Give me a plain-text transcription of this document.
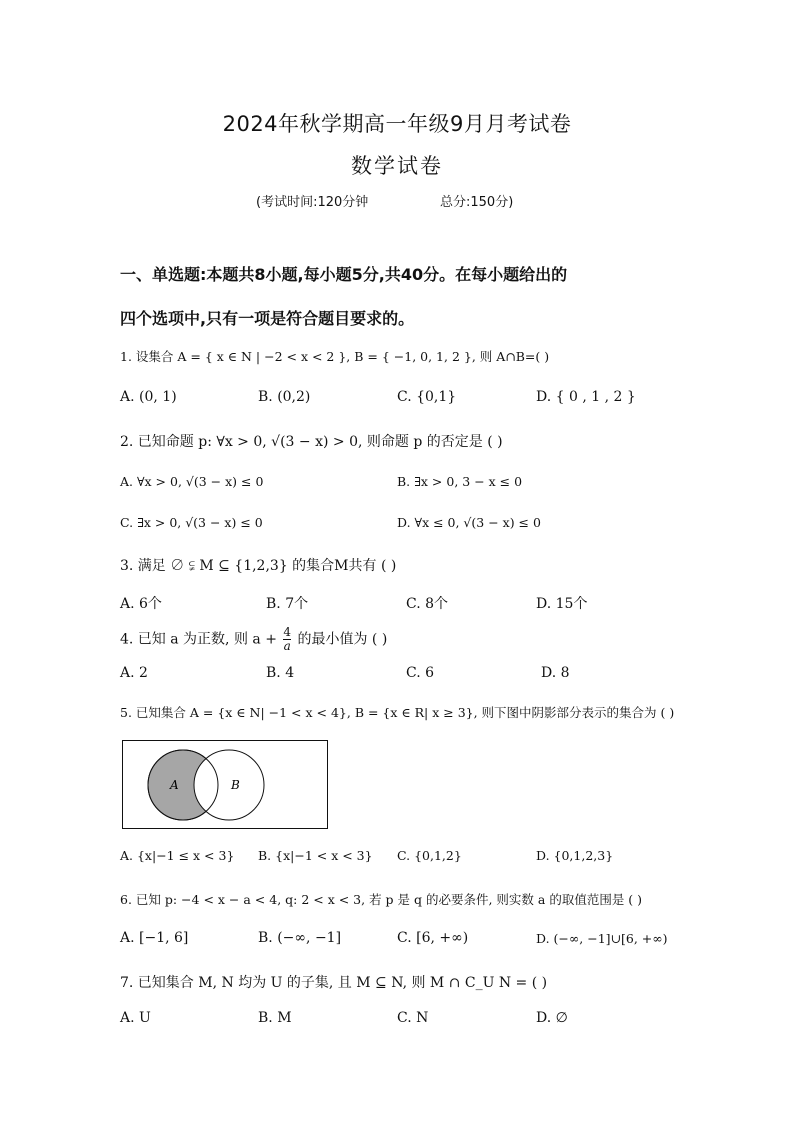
2024年秋学期高一年级9月月考试卷
数学试卷
(考试时间:120分钟	总分:150分)
一、单选题:本题共8小题,每小题5分,共40分。在每小题给出的
四个选项中,只有一项是符合题目要求的。
1. 设集合 A = { x ∈ N | −2 < x < 2 }, B = { −1, 0, 1, 2 }, 则 A∩B=( )
A. (0, 1)	B. (0,2)	C. {0,1}	D. { 0 , 1 , 2 }
2. 已知命题 p: ∀x > 0, √(3 − x) > 0, 则命题 p 的否定是 ( )
A. ∀x > 0, √(3 − x) ≤ 0	B. ∃x > 0, 3 − x ≤ 0
C. ∃x > 0, √(3 − x) ≤ 0	D. ∀x ≤ 0, √(3 − x) ≤ 0
3. 满足 ∅ ⫋ M ⊆ {1,2,3} 的集合M共有 ( )
A. 6个	B. 7个	C. 8个	D. 15个
4. 已知 a 为正数, 则 $a + \frac{4}{a}$ 的最小值为 ( )
A. 2	B. 4	C. 6	D. 8
5. 已知集合 A = {x ∈ N| −1 < x < 4}, B = {x ∈ R| x ≥ 3}, 则下图中阴影部分表示的集合为 ( )
A	B
A. {x|−1 ≤ x < 3} B. {x|−1 < x < 3} C. {0,1,2}	D. {0,1,2,3}
6. 已知 p: −4 < x − a < 4, q: 2 < x < 3, 若 p 是 q 的必要条件, 则实数 a 的取值范围是 ( )
A. [−1, 6]	B. (−∞, −1]	C. [6, +∞)	D. (−∞, −1]∪[6, +∞)
7. 已知集合 M, N 均为 U 的子集, 且 M ⊆ N, 则 M ∩ C_U N = ( )
A. U	B. M	C. N	D. ∅
